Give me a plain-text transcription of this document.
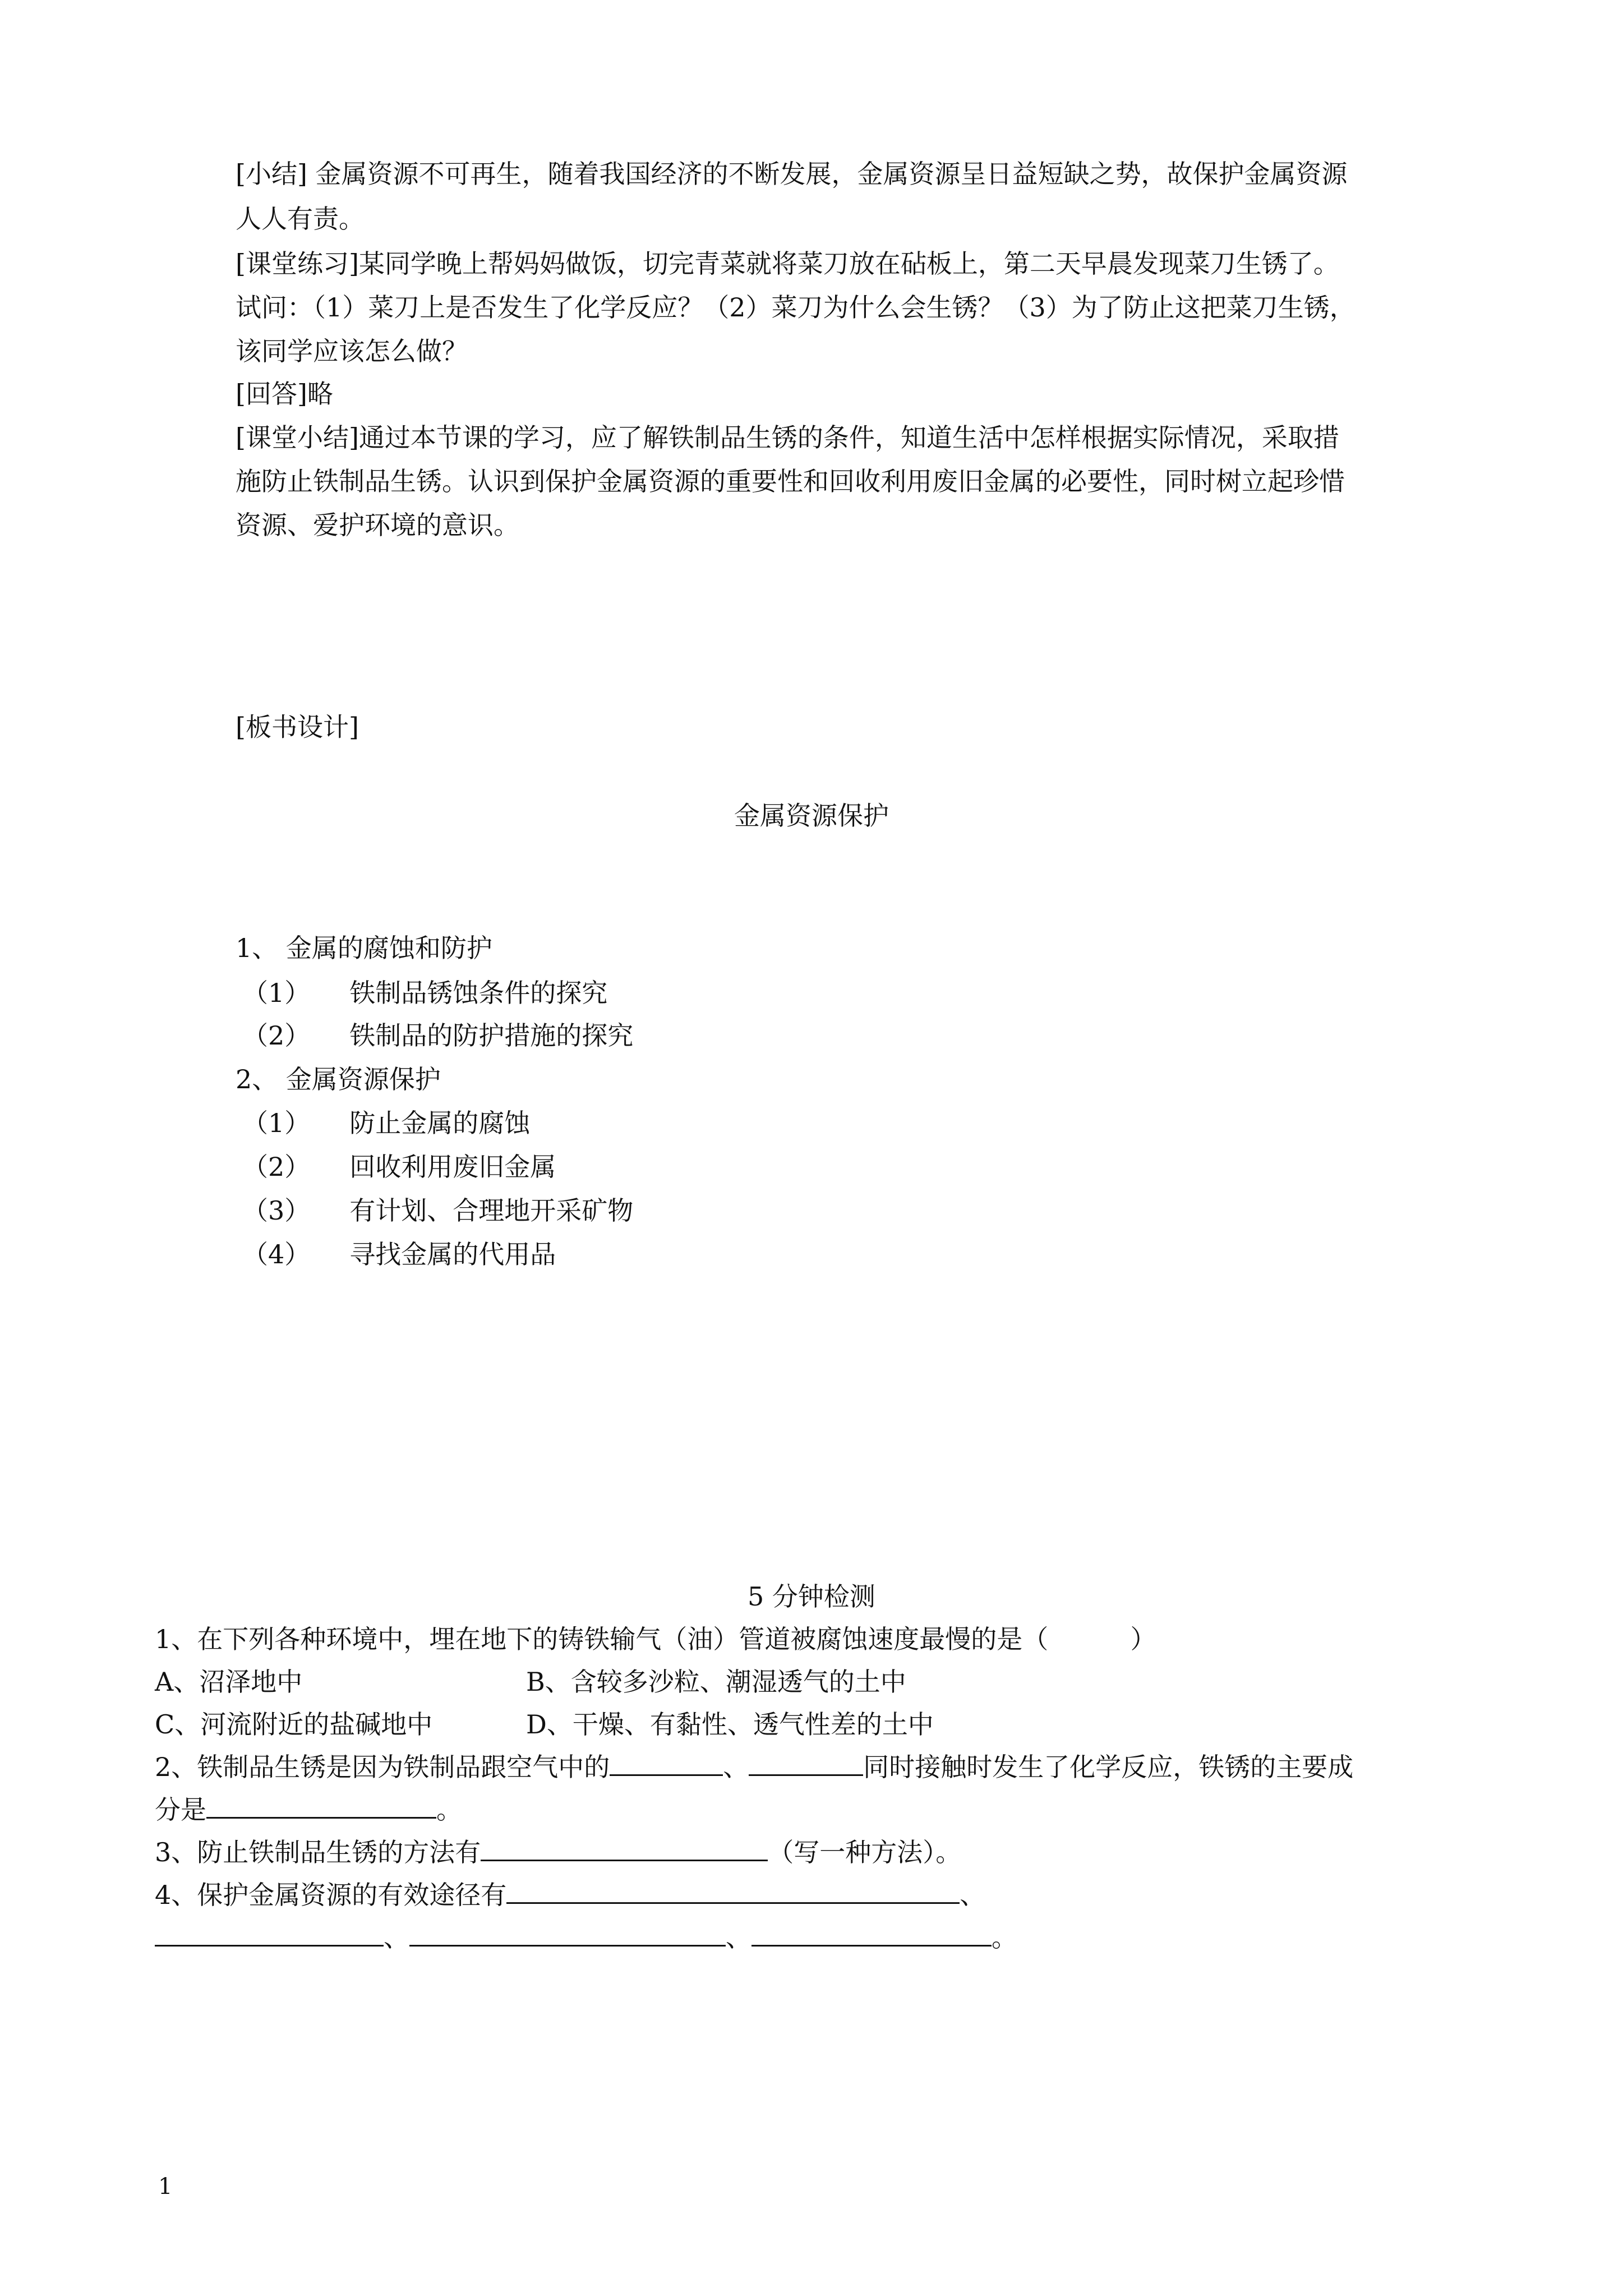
[小结] 金属资源不可再生，随着我国经济的不断发展，金属资源呈日益短缺之势，故保护金属资源
人人有责。
[课堂练习]某同学晚上帮妈妈做饭，切完青菜就将菜刀放在砧板上，第二天早晨发现菜刀生锈了。
试问：（1）菜刀上是否发生了化学反应？（2）菜刀为什么会生锈？（3）为了防止这把菜刀生锈，
该同学应该怎么做？
[回答]略
[课堂小结]通过本节课的学习，应了解铁制品生锈的条件，知道生活中怎样根据实际情况，采取措
施防止铁制品生锈。认识到保护金属资源的重要性和回收利用废旧金属的必要性，同时树立起珍惜
资源、爱护环境的意识。
[板书设计]
金属资源保护
1、 金属的腐蚀和防护
（1） 铁制品锈蚀条件的探究
（2） 铁制品的防护措施的探究
2、 金属资源保护
（1） 防止金属的腐蚀
（2） 回收利用废旧金属
（3） 有计划、合理地开采矿物
（4） 寻找金属的代用品
5 分钟检测
1、在下列各种环境中，埋在地下的铸铁输气（油）管道被腐蚀速度最慢的是（          ）
A、沼泽地中	B、含较多沙粒、潮湿透气的土中
C、河流附近的盐碱地中	D、干燥、有黏性、透气性差的土中
2、铁制品生锈是因为铁制品跟空气中的	、	同时接触时发生了化学反应，铁锈的主要成
分是	。
3、防止铁制品生锈的方法有	（写一种方法）。
4、保护金属资源的有效途径有	、
、	、	。
1
